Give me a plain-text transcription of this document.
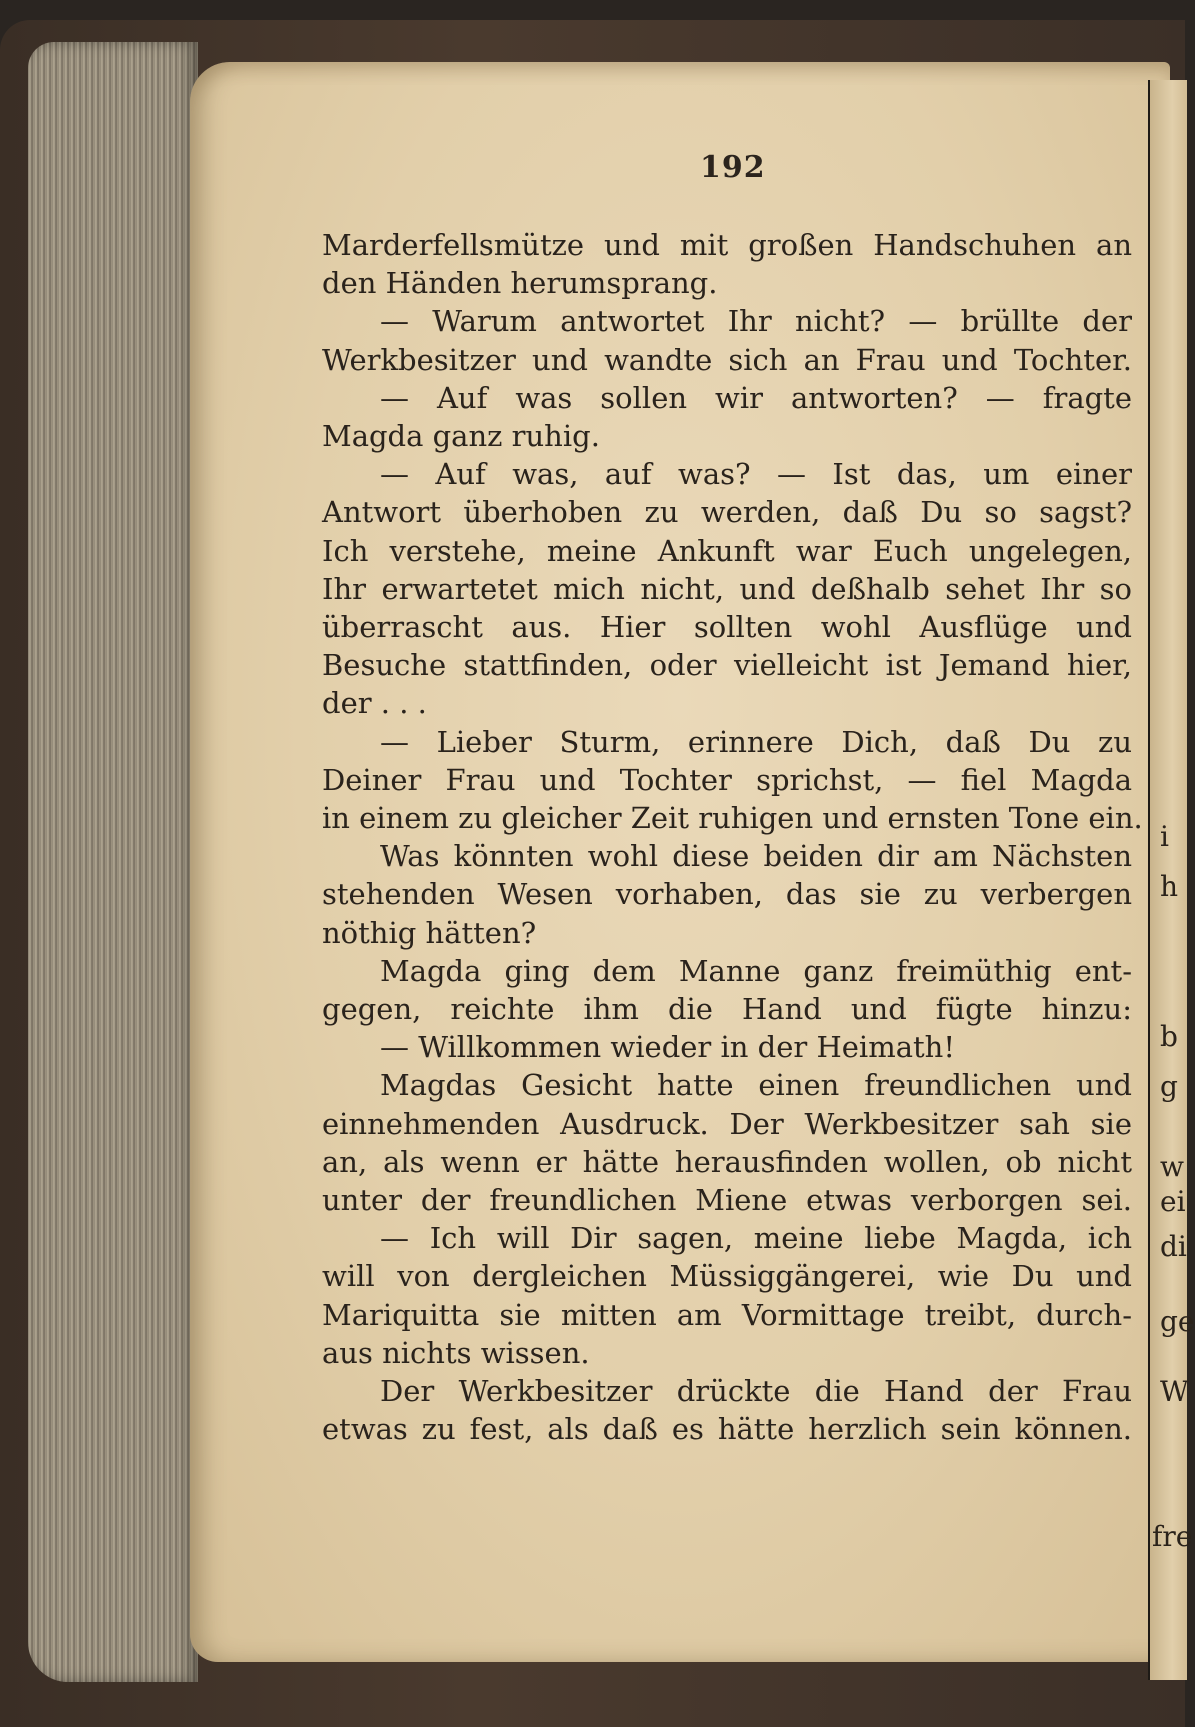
i
h
b
g
w
ei
di
ge
W
fre
192
Marderfellsmütze und mit großen Handschuhen an
den Händen herumsprang.
— Warum antwortet Ihr nicht? — brüllte der
Werkbesitzer und wandte sich an Frau und Tochter.
— Auf was sollen wir antworten? — fragte
Magda ganz ruhig.
— Auf was, auf was? — Ist das, um einer
Antwort überhoben zu werden, daß Du so sagst?
Ich verstehe, meine Ankunft war Euch ungelegen,
Ihr erwartetet mich nicht, und deßhalb sehet Ihr so
überrascht aus. Hier sollten wohl Ausflüge und
Besuche stattfinden, oder vielleicht ist Jemand hier,
der . . .
— Lieber Sturm, erinnere Dich, daß Du zu
Deiner Frau und Tochter sprichst, — fiel Magda
in einem zu gleicher Zeit ruhigen und ernsten Tone ein.
Was könnten wohl diese beiden dir am Nächsten
stehenden Wesen vorhaben, das sie zu verbergen
nöthig hätten?
Magda ging dem Manne ganz freimüthig ent-
gegen, reichte ihm die Hand und fügte hinzu:
— Willkommen wieder in der Heimath!
Magdas Gesicht hatte einen freundlichen und
einnehmenden Ausdruck. Der Werkbesitzer sah sie
an, als wenn er hätte herausfinden wollen, ob nicht
unter der freundlichen Miene etwas verborgen sei.
— Ich will Dir sagen, meine liebe Magda, ich
will von dergleichen Müssiggängerei, wie Du und
Mariquitta sie mitten am Vormittage treibt, durch-
aus nichts wissen.
Der Werkbesitzer drückte die Hand der Frau
etwas zu fest, als daß es hätte herzlich sein können.
